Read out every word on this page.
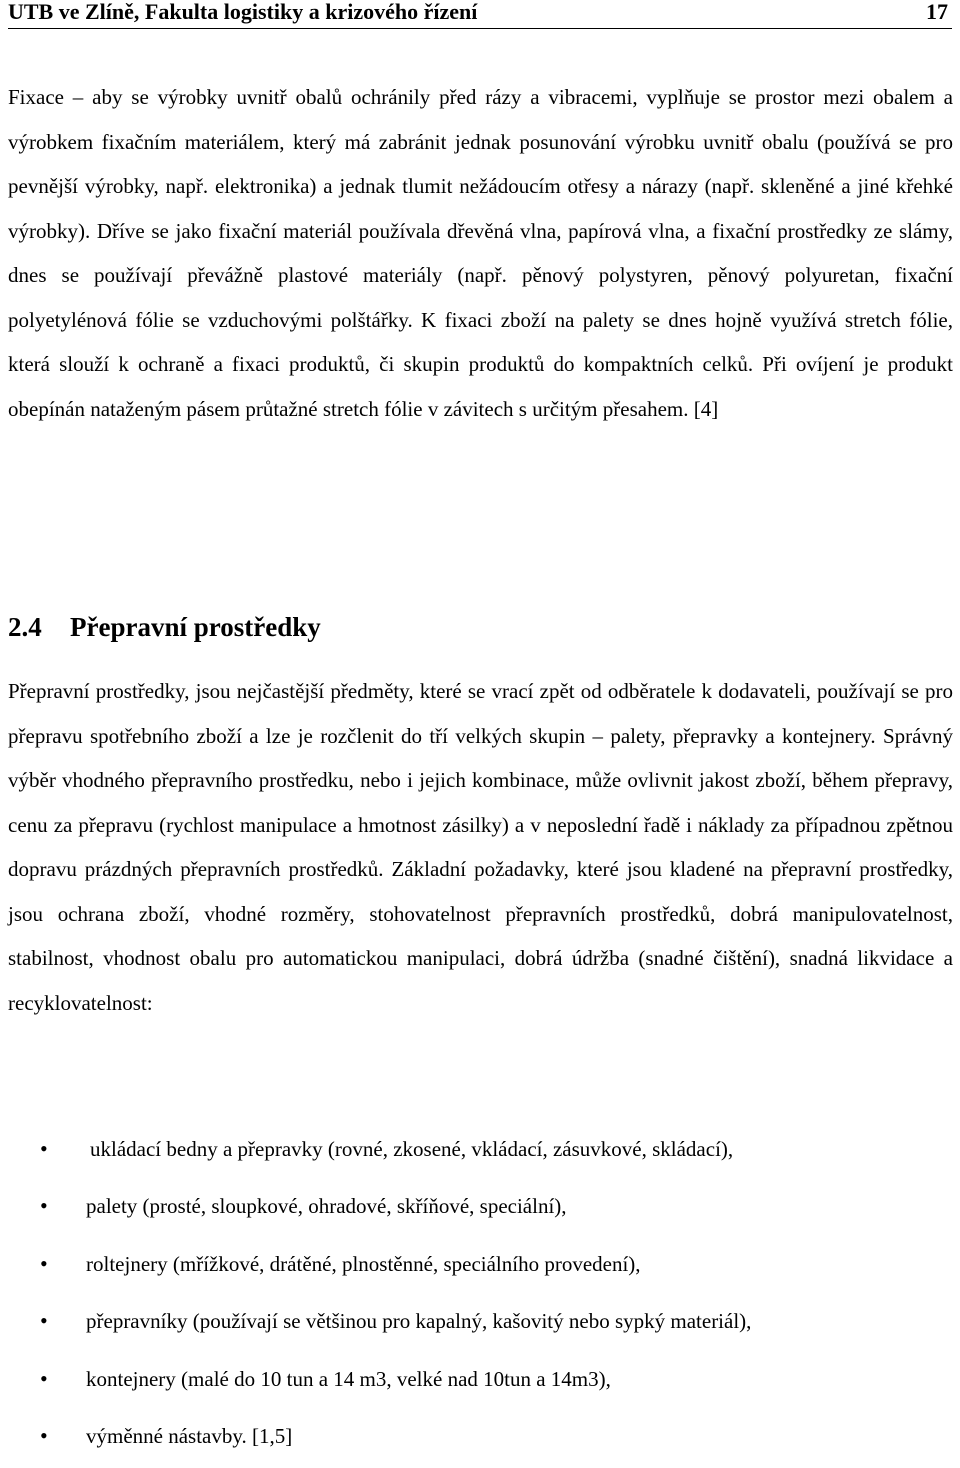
UTB ve Zlíně, Fakulta logistiky a krizového řízení	17

Fixace – aby se výrobky uvnitř obalů ochránily před rázy a vibracemi, vyplňuje se prostor mezi obalem a výrobkem fixačním materiálem, který má zabránit jednak posunování výrobku uvnitř obalu (používá se pro pevnější výrobky, např. elektronika) a jednak tlumit nežádoucím otřesy a nárazy (např. skleněné a jiné křehké výrobky). Dříve se jako fixační materiál používala dřevěná vlna, papírová vlna, a fixační prostředky ze slámy, dnes se používají převážně plastové materiály (např. pěnový polystyren, pěnový polyuretan, fixační polyetylénová fólie se vzduchovými polštářky. K fixaci zboží na palety se dnes hojně využívá stretch fólie, která slouží k ochraně a fixaci produktů, či skupin produktů do kompaktních celků. Při ovíjení je produkt obepínán nataženým pásem průtažné stretch fólie v závitech s určitým přesahem. [4]

2.4 Přepravní prostředky

Přepravní prostředky, jsou nejčastější předměty, které se vrací zpět od odběratele k dodavateli, používají se pro přepravu spotřebního zboží a lze je rozčlenit do tří velkých skupin – palety, přepravky a kontejnery. Správný výběr vhodného přepravního prostředku, nebo i jejich kombinace, může ovlivnit jakost zboží, během přepravy, cenu za přepravu (rychlost manipulace a hmotnost zásilky) a v neposlední řadě i náklady za případnou zpětnou dopravu prázdných přepravních prostředků. Základní požadavky, které jsou kladené na přepravní prostředky, jsou ochrana zboží, vhodné rozměry, stohovatelnost přepravních prostředků, dobrá manipulovatelnost, stabilnost, vhodnost obalu pro automatickou manipulaci, dobrá údržba (snadné čištění), snadná likvidace a recyklovatelnost:

• ukládací bedny a přepravky (rovné, zkosené, vkládací, zásuvkové, skládací),
• palety (prosté, sloupkové, ohradové, skříňové, speciální),
• roltejnery (mřížkové, drátěné, plnostěnné, speciálního provedení),
• přepravníky (používají se většinou pro kapalný, kašovitý nebo sypký materiál),
• kontejnery (malé do 10 tun a 14 m3, velké nad 10tun a 14m3),
• výměnné nástavby. [1,5]
